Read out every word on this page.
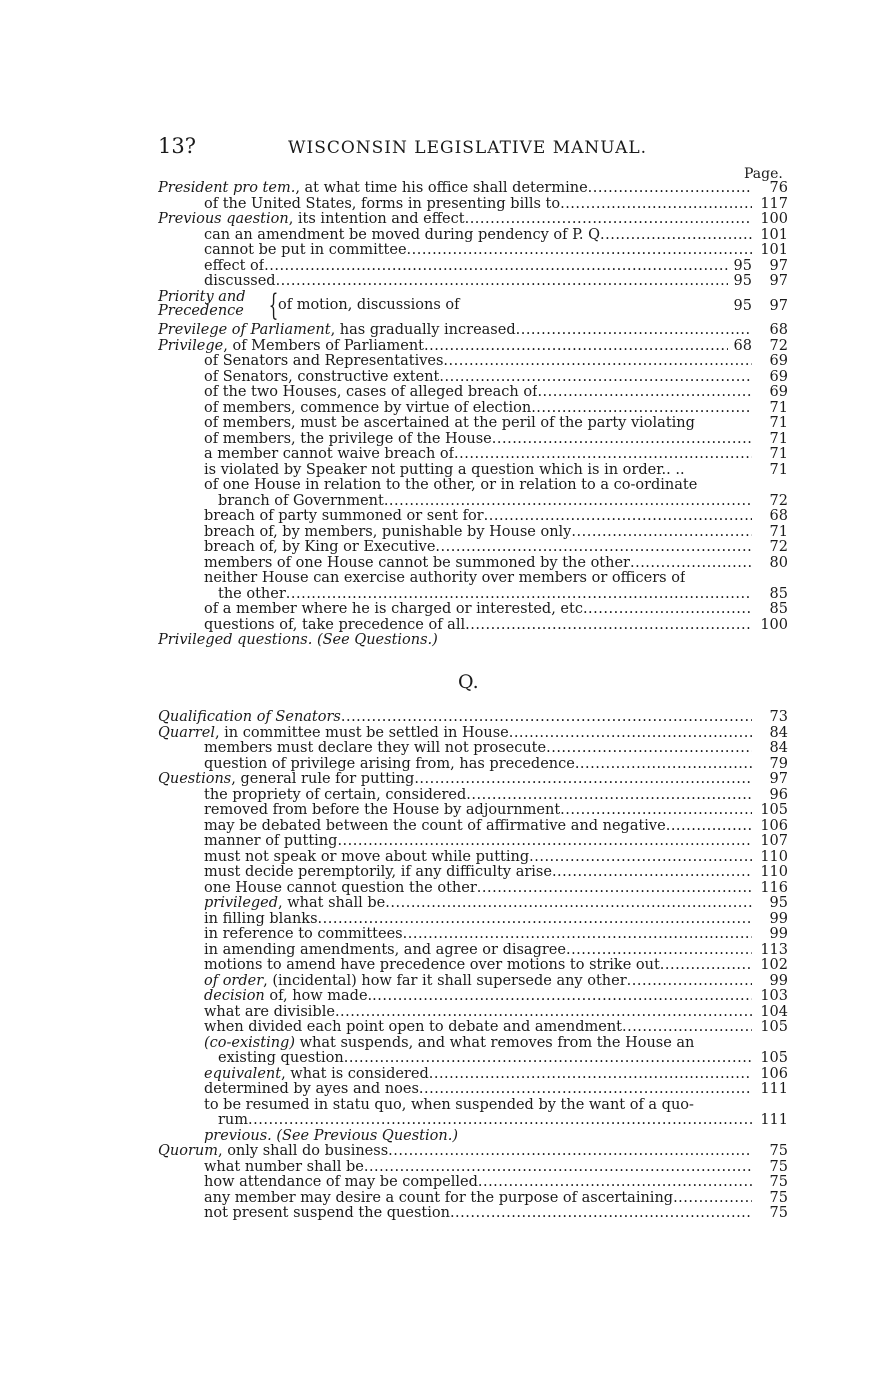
13?	WISCONSIN LEGISLATIVE MANUAL.
Page.
President pro tem., at what time his office shall determine .....	76
of the United States, forms in presenting bills to .....	117
Previous qaestion, its intention and effect .....	100
can an amendment be moved during pendency of P. Q .....	101
cannot be put in committee .....	101
effect of .....	95	97
discussed .....	95	97
Priority and
Precedence { of motion, discussions of	95	97
Previlege of Parliament, has gradually increased .....	68
Privilege, of Members of Parliament .....	68	72
of Senators and Representatives .....	69
of Senators, constructive extent .....	69
of the two Houses, cases of alleged breach of .....	69
of members, commence by virtue of election .....	71
of members, must be ascertained at the peril of the party violating	71
of members, the privilege of the House .....	71
a member cannot waive breach of .....	71
is violated by Speaker not putting a question which is in order.. ..	71
of one House in relation to the other, or in relation to a co-ordinate
branch of Government .....	72
breach of party summoned or sent for .....	68
breach of, by members, punishable by House only .....	71
breach of, by King or Executive .....	72
members of one House cannot be summoned by the other .....	80
neither House can exercise authority over members or officers of
the other .....	85
of a member where he is charged or interested, etc .....	85
questions of, take precedence of all .....	100
Privileged questions. (See Questions.)
Q.
Qualification of Senators .....	73
Quarrel, in committee must be settled in House .....	84
members must declare they will not prosecute .....	84
question of privilege arising from, has precedence .....	79
Questions, general rule for putting .....	97
the propriety of certain, considered .....	96
removed from before the House by adjournment .....	105
may be debated between the count of affirmative and negative .....	106
manner of putting .....	107
must not speak or move about while putting .....	110
must decide peremptorily, if any difficulty arise .....	110
one House cannot question the other .....	116
privileged, what shall be .....	95
in filling blanks .....	99
in reference to committees .....	99
in amending amendments, and agree or disagree .....	113
motions to amend have precedence over motions to strike out .....	102
of order, (incidental) how far it shall supersede any other .....	99
decision of, how made. .....	103
what are divisible .....	104
when divided each point open to debate and amendment .....	105
(co-existing) what suspends, and what removes from the House an
existing question .....	105
equivalent, what is considered .....	106
determined by ayes and noes .....	111
to be resumed in statu quo, when suspended by the want of a quo-
rum .....	111
previous. (See Previous Question.)
Quorum, only shall do business .....	75
what number shall be .....	75
how attendance of may be compelled .....	75
any member may desire a count for the purpose of ascertaining .....	75
not present suspend the question .....	75
